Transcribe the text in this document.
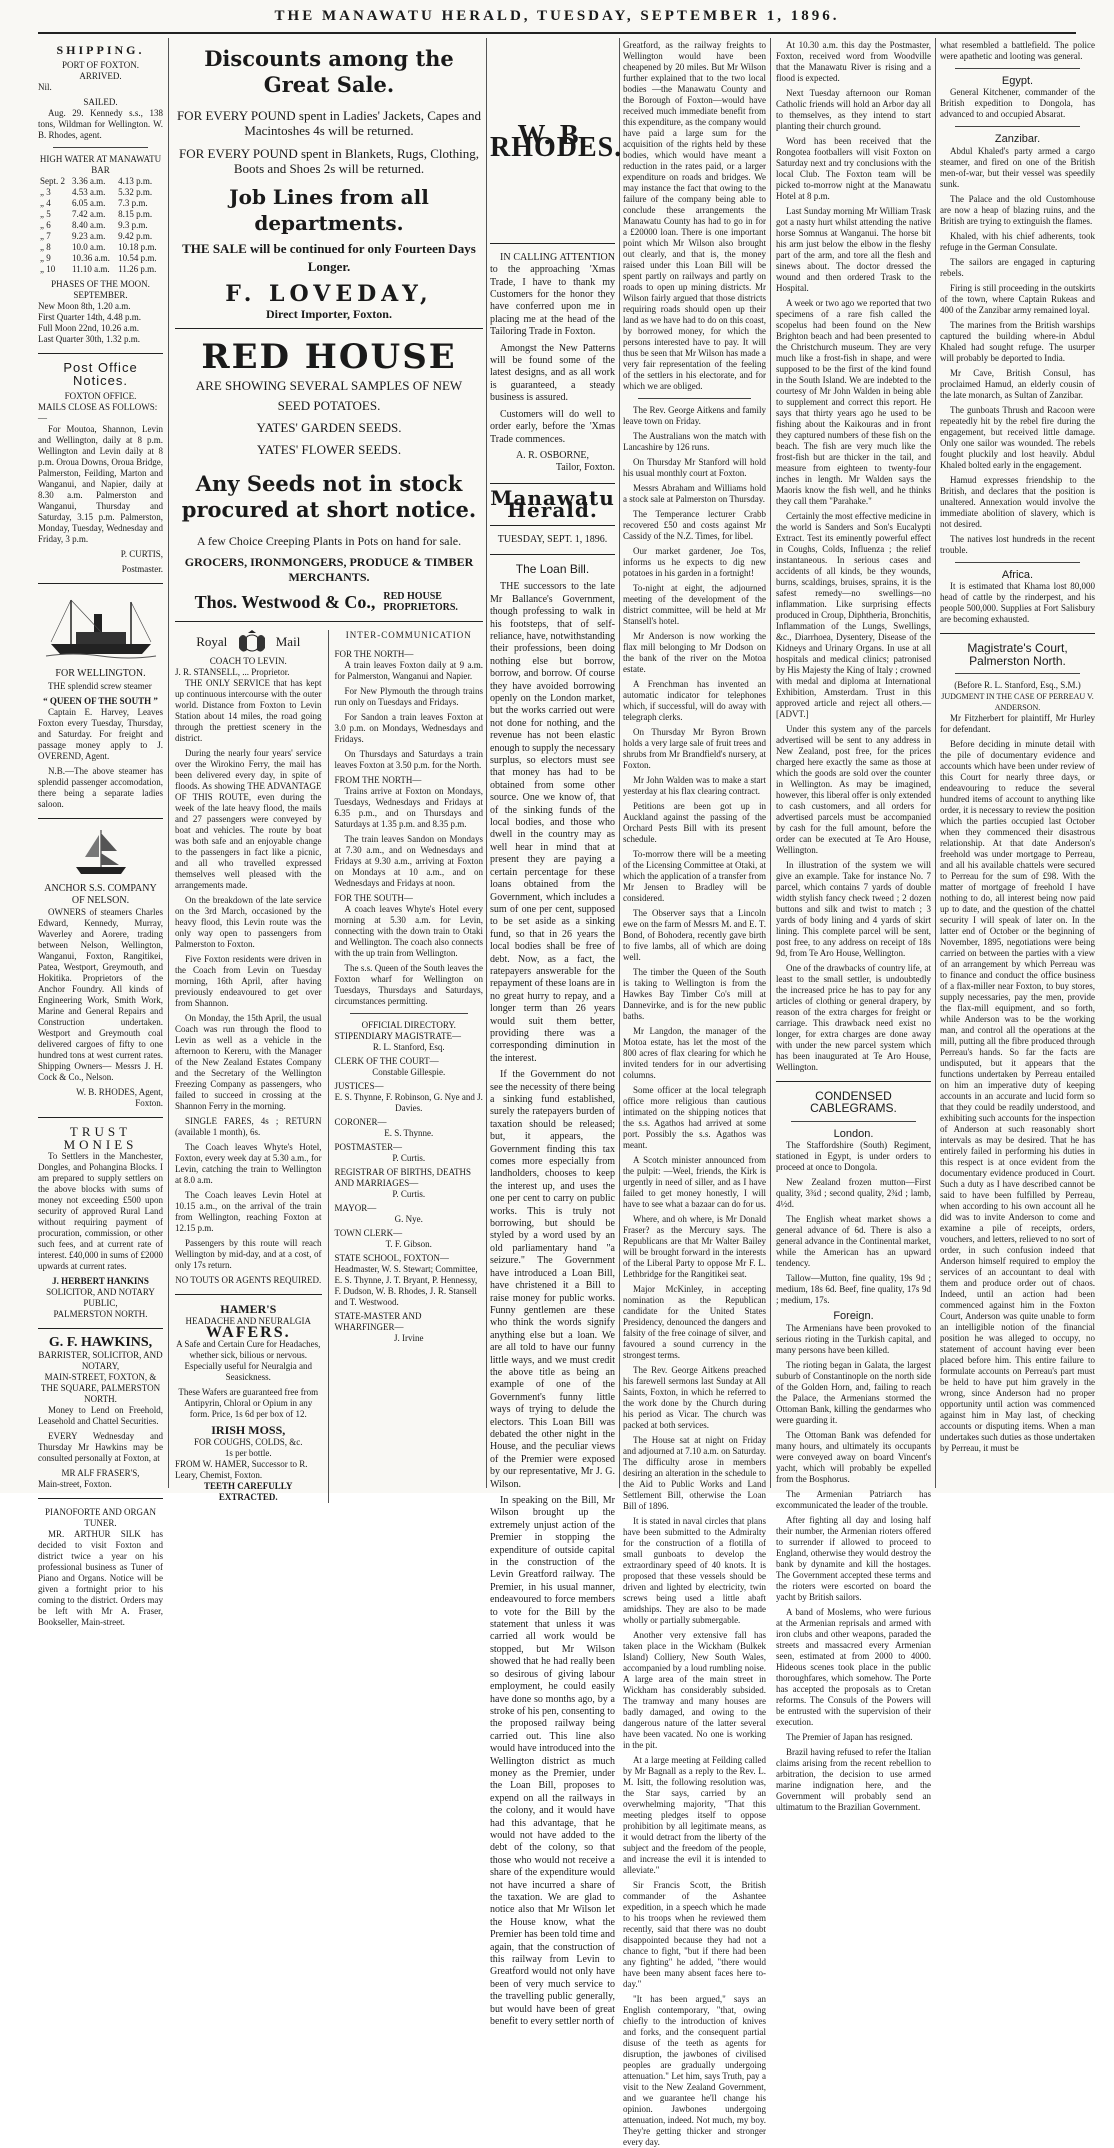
THE MANAWATU HERALD, TUESDAY, SEPTEMBER 1, 1896.
SHIPPING.
PORT OF FOXTON.
ARRIVED.

Nil.

SAILED.

Aug. 29. Kennedy s.s., 138 tons, Wildman for Wellington. W. B. Rhodes, agent.

HIGH WATER AT MANAWATU BAR
Sept. 2	3.36 a.m.	4.13 p.m.
„ 3	4.53 a.m.	5.32 p.m.
„ 4	6.05 a.m.	7.3 p.m.
„ 5	7.42 a.m.	8.15 p.m.
„ 6	8.40 a.m.	9.3 p.m.
„ 7	9.23 a.m.	9.42 p.m.
„ 8	10.0 a.m.	10.18 p.m.
„ 9	10.36 a.m.	10.54 p.m.
„ 10	11.10 a.m.	11.26 p.m.
PHASES OF THE MOON.
SEPTEMBER.
New Moon 8th, 1.20 a.m.
First Quarter 14th, 4.48 p.m.
Full Moon 22nd, 10.26 a.m.
Last Quarter 30th, 1.32 p.m.
Post Office Notices.
FOXTON OFFICE.
MAILS CLOSE AS FOLLOWS:—

For Moutoa, Shannon, Levin and Wellington, daily at 8 p.m. Wellington and Levin daily at 8 p.m. Oroua Downs, Oroua Bridge, Palmerston, Feilding, Marton and Wanganui, and Napier, daily at 8.30 a.m. Palmerston and Wanganui, Thursday and Saturday, 3.15 p.m. Palmerston, Monday, Tuesday, Wednesday and Friday, 3 p.m.

P. CURTIS,

Postmaster.

FOR WELLINGTON.

THE splendid screw steamer

“ QUEEN OF THE SOUTH ”

Captain E. Harvey, Leaves Foxton every Tuesday, Thursday, and Saturday. For freight and passage money apply to J. OVEREND, Agent.

N.B.—The above steamer has splendid passenger accomodation, there being a separate ladies saloon.

ANCHOR S.S. COMPANY OF NELSON.

OWNERS of steamers Charles Edward, Kennedy, Murray, Waverley and Aorere, trading between Nelson, Wellington, Wanganui, Foxton, Rangitikei, Patea, Westport, Greymouth, and Hokitika. Proprietors of the Anchor Foundry. All kinds of Engineering Work, Smith Work, Marine and General Repairs and Construction undertaken. Westport and Greymouth coal delivered cargoes of fifty to one hundred tons at west current rates. Shipping Owners— Messrs J. H. Cock & Co., Nelson.

W. B. RHODES, Agent, Foxton.

TRUST MONIES

To Settlers in the Manchester, Dongles, and Pohangina Blocks. I am prepared to supply settlers on the above blocks with sums of money not exceeding £500 upon security of approved Rural Land without requiring payment of procuration, commission, or other such fees, and at current rate of interest. £40,000 in sums of £2000 upwards at current rates.

J. HERBERT HANKINS
SOLICITOR, AND NOTARY PUBLIC,
PALMERSTON NORTH.
G. F. HAWKINS,
BARRISTER, SOLICITOR, AND NOTARY,
MAIN-STREET, FOXTON, & THE SQUARE, PALMERSTON NORTH.

Money to Lend on Freehold, Leasehold and Chattel Securities.

EVERY Wednesday and Thursday Mr Hawkins may be consulted personally at Foxton, at

MR ALF FRASER'S,
Main-street, Foxton.
PIANOFORTE AND ORGAN TUNER.

MR. ARTHUR SILK has decided to visit Foxton and district twice a year on his professional business as Tuner of Piano and Organs. Notice will be given a fortnight prior to his coming to the district. Orders may be left with Mr A. Fraser, Bookseller, Main-street.

Discounts among the Great Sale.
FOR EVERY POUND spent in Ladies' Jackets, Capes and Macintoshes 4s will be returned.
FOR EVERY POUND spent in Blankets, Rugs, Clothing, Boots and Shoes 2s will be returned.
Job Lines from all departments.
THE SALE will be continued for only Fourteen Days Longer.
F. LOVEDAY,
Direct Importer, Foxton.
RED HOUSE
ARE SHOWING SEVERAL SAMPLES OF NEW
SEED POTATOES.
YATES' GARDEN SEEDS.
YATES' FLOWER SEEDS.
Any Seeds not in stock procured at short notice.
A few Choice Creeping Plants in Pots on hand for sale.
GROCERS, IRONMONGERS, PRODUCE & TIMBER MERCHANTS.
Thos. Westwood & Co., RED HOUSE PROPRIETORS.
Royal	Mail
COACH TO LEVIN.
J. R. STANSELL, ... Proprietor.

THE ONLY SERVICE that has kept up continuous intercourse with the outer world. Distance from Foxton to Levin Station about 14 miles, the road going through the prettiest scenery in the district.

During the nearly four years' service over the Wirokino Ferry, the mail has been delivered every day, in spite of floods. As showing THE ADVANTAGE OF THIS ROUTE, even during the week of the late heavy flood, the mails and 27 passengers were conveyed by boat and vehicles. The route by boat was both safe and an enjoyable change to the passengers in fact like a picnic, and all who travelled expressed themselves well pleased with the arrangements made.

On the breakdown of the late service on the 3rd March, occasioned by the heavy flood, this Levin route was the only way open to passengers from Palmerston to Foxton.

Five Foxton residents were driven in the Coach from Levin on Tuesday morning, 16th April, after having previously endeavoured to get over from Shannon.

On Monday, the 15th April, the usual Coach was run through the flood to Levin as well as a vehicle in the afternoon to Kereru, with the Manager of the New Zealand Estates Company and the Secretary of the Wellington Freezing Company as passengers, who failed to succeed in crossing at the Shannon Ferry in the morning.

SINGLE FARES, 4s ; RETURN (available 1 month), 6s.

The Coach leaves Whyte's Hotel, Foxton, every week day at 5.30 a.m., for Levin, catching the train to Wellington at 8.0 a.m.

The Coach leaves Levin Hotel at 10.15 a.m., on the arrival of the train from Wellington, reaching Foxton at 12.15 p.m.

Passengers by this route will reach Wellington by mid-day, and at a cost, of only 17s return.

NO TOUTS OR AGENTS REQUIRED.
HAMER'S
HEADACHE AND NEURALGIA
WAFERS.

A Safe and Certain Cure for Headaches, whether sick, bilious or nervous. Especially useful for Neuralgia and Seasickness.

These Wafers are guaranteed free from Antipyrin, Chloral or Opium in any form. Price, 1s 6d per box of 12.

IRISH MOSS,
FOR COUGHS, COLDS, &c.
1s per bottle.
FROM W. HAMER, Successor to R. Leary, Chemist, Foxton.
TEETH CAREFULLY EXTRACTED.
INTER-COMMUNICATION
FOR THE NORTH—

A train leaves Foxton daily at 9 a.m. for Palmerston, Wanganui and Napier.

For New Plymouth the through trains run only on Tuesdays and Fridays.

For Sandon a train leaves Foxton at 3.0 p.m. on Mondays, Wednesdays and Fridays.

On Thursdays and Saturdays a train leaves Foxton at 3.50 p.m. for the North.

FROM THE NORTH—

Trains arrive at Foxton on Mondays, Tuesdays, Wednesdays and Fridays at 6.35 p.m., and on Thursdays and Saturdays at 1.35 p.m. and 8.35 p.m.

The train leaves Sandon on Mondays at 7.30 a.m., and on Wednesdays and Fridays at 9.30 a.m., arriving at Foxton on Mondays at 10 a.m., and on Wednesdays and Fridays at noon.

FOR THE SOUTH—

A coach leaves Whyte's Hotel every morning at 5.30 a.m. for Levin, connecting with the down train to Otaki and Wellington. The coach also connects with the up train from Wellington.

The s.s. Queen of the South leaves the Foxton wharf for Wellington on Tuesdays, Thursdays and Saturdays, circumstances permitting.

OFFICIAL DIRECTORY.
STIPENDIARY MAGISTRATE—
R. L. Stanford, Esq.
CLERK OF THE COURT—
Constable Gillespie.
JUSTICES—
E. S. Thynne, F. Robinson, G. Nye and J. Davies.
CORONER—
E. S. Thynne.
POSTMASTER—
P. Curtis.
REGISTRAR OF BIRTHS, DEATHS AND MARRIAGES—
P. Curtis.
MAYOR—
G. Nye.
TOWN CLERK—
T. F. Gibson.
STATE SCHOOL, FOXTON—
Headmaster, W. S. Stewart; Committee, E. S. Thynne, J. T. Bryant, P. Hennessy, F. Dudson, W. B. Rhodes, J. R. Stansell and T. Westwood.
STATE-MASTER AND WHARFINGER—
J. Irvine
W. B. RHODES.

IN CALLING ATTENTION to the approaching 'Xmas Trade, I have to thank my Customers for the honor they have conferred upon me in placing me at the head of the Tailoring Trade in Foxton.

Amongst the New Patterns will be found some of the latest designs, and as all work is guaranteed, a steady business is assured.

Customers will do well to order early, before the 'Xmas Trade commences.

A. R. OSBORNE,
Tailor, Foxton.
Manawatu Herald.
TUESDAY, SEPT. 1, 1896.
The Loan Bill.

THE successors to the late Mr Ballance's Government, though professing to walk in his footsteps, that of self-reliance, have, notwithstanding their professions, been doing nothing else but borrow, borrow, and borrow. Of course they have avoided borrowing openly on the London market, but the works carried out were not done for nothing, and the revenue has not been elastic enough to supply the necessary surplus, so electors must see that money has had to be obtained from some other source. One we know of, that of the sinking funds of the local bodies, and those who dwell in the country may as well hear in mind that at present they are paying a certain percentage for these loans obtained from the Government, which includes a sum of one per cent, supposed to be set aside as a sinking fund, so that in 26 years the local bodies shall be free of debt. Now, as a fact, the ratepayers answerable for the repayment of these loans are in no great hurry to repay, and a longer term than 26 years would suit them better, providing there was a corresponding diminution in the interest.

If the Government do not see the necessity of there being a sinking fund established, surely the ratepayers burden of taxation should be released; but, it appears, the Government finding this tax comes more especially from landholders, chooses to keep the interest up, and uses the one per cent to carry on public works. This is truly not borrowing, but should be styled by a word used by an old parliamentary hand "a seizure." The Government have introduced a Loan Bill, have christened it a Bill to raise money for public works. Funny gentlemen are these who think the words signify anything else but a loan. We are all told to have our funny little ways, and we must credit the above title as being an example of one of the Government's funny little ways of trying to delude the electors. This Loan Bill was debated the other night in the House, and the peculiar views of the Premier were exposed by our representative, Mr J. G. Wilson.

In speaking on the Bill, Mr Wilson brought up the extremely unjust action of the Premier in stopping the expenditure of outside capital in the construction of the Levin Greatford railway. The Premier, in his usual manner, endeavoured to force members to vote for the Bill by the statement that unless it was carried all work would be stopped, but Mr Wilson showed that he had really been so desirous of giving labour employment, he could easily have done so months ago, by a stroke of his pen, consenting to the proposed railway being carried out. This line also would have introduced into the Wellington district as much money as the Premier, under the Loan Bill, proposes to expend on all the railways in the colony, and it would have had this advantage, that he would not have added to the debt of the colony, so that those who would not receive a share of the expenditure would not have incurred a share of the taxation. We are glad to notice also that Mr Wilson let the House know, what the Premier has been told time and again, that the construction of this railway from Levin to Greatford would not only have been of very much service to the travelling public generally, but would have been of great benefit to every settler north of

Greatford, as the railway freights to Wellington would have been cheapened by 20 miles. But Mr Wilson further explained that to the two local bodies —the Manawatu County and the Borough of Foxton—would have received much immediate benefit from this expenditure, as the company would have paid a large sum for the acquisition of the rights held by these bodies, which would have meant a reduction in the rates paid, or a larger expenditure on roads and bridges. We may instance the fact that owing to the failure of the company being able to conclude these arrangements the Manawatu County has had to go in for a £20000 loan. There is one important point which Mr Wilson also brought out clearly, and that is, the money raised under this Loan Bill will be spent partly on railways and partly on roads to open up mining districts. Mr Wilson fairly argued that those districts requiring roads should open up their land as we have had to do on this coast, by borrowed money, for which the persons interested have to pay. It will thus be seen that Mr Wilson has made a very fair representation of the feeling of the settlers in his electorate, and for which we are obliged.

The Rev. George Aitkens and family leave town on Friday.

The Australians won the match with Lancashire by 126 runs.

On Thursday Mr Stanford will hold his usual monthly court at Foxton.

Messrs Abraham and Williams hold a stock sale at Palmerston on Thursday.

The Temperance lecturer Crabb recovered £50 and costs against Mr Cassidy of the N.Z. Times, for libel.

Our market gardener, Joe Tos, informs us he expects to dig new potatoes in his garden in a fortnight!

To-night at eight, the adjourned meeting of the development of the district committee, will be held at Mr Stansell's hotel.

Mr Anderson is now working the flax mill belonging to Mr Dodson on the bank of the river on the Motoa estate.

A Frenchman has invented an automatic indicator for telephones which, if successful, will do away with telegraph clerks.

On Thursday Mr Byron Brown holds a very large sale of fruit trees and shrubs from Mr Brandfield's nursery, at Foxton.

Mr John Walden was to make a start yesterday at his flax clearing contract.

Petitions are been got up in Auckland against the passing of the Orchard Pests Bill with its present schedule.

To-morrow there will be a meeting of the Licensing Committee at Otaki, at which the application of a transfer from Mr Jensen to Bradley will be considered.

The Observer says that a Lincoln ewe on the farm of Messrs M. and E. T. Bond, of Bohodera, recently gave birth to five lambs, all of which are doing well.

The timber the Queen of the South is taking to Wellington is from the Hawkes Bay Timber Co's mill at Dannevirke, and is for the new public baths.

Mr Langdon, the manager of the Motoa estate, has let the most of the 800 acres of flax clearing for which he invited tenders for in our advertising columns.

Some officer at the local telegraph office more religious than cautious intimated on the shipping notices that the s.s. Agathos had arrived at some port. Possibly the s.s. Agathos was meant.

A Scotch minister announced from the pulpit: —Weel, friends, the Kirk is urgently in need of siller, and as I have failed to get money honestly, I will have to see what a bazaar can do for us.

Where, and oh where, is Mr Donald Fraser? as the Mercury says. The Republicans are that Mr Walter Bailey will be brought forward in the interests of the Liberal Party to oppose Mr F. L. Lethbridge for the Rangitikei seat.

Major McKinley, in accepting nomination as the Republican candidate for the United States Presidency, denounced the dangers and falsity of the free coinage of silver, and favoured a sound currency in the strongest terms.

The Rev. George Aitkens preached his farewell sermons last Sunday at All Saints, Foxton, in which he referred to the work done by the Church during his period as Vicar. The church was packed at both services.

The House sat at night on Friday and adjourned at 7.10 a.m. on Saturday. The difficulty arose in members desiring an alteration in the schedule to the Aid to Public Works and Land Settlement Bill, otherwise the Loan Bill of 1896.

It is stated in naval circles that plans have been submitted to the Admiralty for the construction of a flotilla of small gunboats to develop the extraordinary speed of 40 knots. It is proposed that these vessels should be driven and lighted by electricity, twin screws being used a little abaft amidships. They are also to be made wholly or partially submergable.

Another very extensive fall has taken place in the Wickham (Bulkek Island) Colliery, New South Wales, accompanied by a loud rumbling noise. A large area of the main street in Wickham has considerably subsided. The tramway and many houses are badly damaged, and owing to the dangerous nature of the latter several have been vacated. No one is working in the pit.

At a large meeting at Feilding called by Mr Bagnall as a reply to the Rev. L. M. Isitt, the following resolution was, the Star says, carried by an overwhelming majority, "That this meeting pledges itself to oppose prohibition by all legitimate means, as it would detract from the liberty of the subject and the freedom of the people, and increase the evil it is intended to alleviate."

Sir Francis Scott, the British commander of the Ashantee expedition, in a speech which he made to his troops when he reviewed them recently, said that there was no doubt disappointed because they had not a chance to fight, "but if there had been any fighting" he added, "there would have been many absent faces here to-day."

"It has been argued," says an English contemporary, "that, owing chiefly to the introduction of knives and forks, and the consequent partial disuse of the teeth as agents for disruption, the jawbones of civilised peoples are gradually undergoing attenuation." Let him, says Truth, pay a visit to the New Zealand Government, and we guarantee he'll change his opinion. Jawbones undergoing attenuation, indeed. Not much, my boy. They're getting thicker and stronger every day.

At 10.30 a.m. this day the Postmaster, Foxton, received word from Woodville that the Manawatu River is rising and a flood is expected.

Next Tuesday afternoon our Roman Catholic friends will hold an Arbor day all to themselves, as they intend to start planting their church ground.

Word has been received that the Rongotea footballers will visit Foxton on Saturday next and try conclusions with the local Club. The Foxton team will be picked to-morrow night at the Manawatu Hotel at 8 p.m.

Last Sunday morning Mr William Trask got a nasty hurt whilst attending the native horse Somnus at Wanganui. The horse bit his arm just below the elbow in the fleshy part of the arm, and tore all the flesh and sinews about. The doctor dressed the wound and then ordered Trask to the Hospital.

A week or two ago we reported that two specimens of a rare fish called the scopelus had been found on the New Brighton beach and had been presented to the Christchurch museum. They are very much like a frost-fish in shape, and were supposed to be the first of the kind found in the South Island. We are indebted to the courtesy of Mr John Walden in being able to supplement and correct this report. He says that thirty years ago he used to be fishing about the Kaikouras and in front they captured numbers of these fish on the beach. The fish are very much like the frost-fish but are thicker in the tail, and measure from eighteen to twenty-four inches in length. Mr Walden says the Maoris know the fish well, and he thinks they call them "Parahake."

Certainly the most effective medicine in the world is Sanders and Son's Eucalypti Extract. Test its eminently powerful effect in Coughs, Colds, Influenza ; the relief instantaneous. In serious cases and accidents of all kinds, be they wounds, burns, scaldings, bruises, sprains, it is the safest remedy—no swellings—no inflammation. Like surprising effects produced in Croup, Diphtheria, Bronchitis, Inflammation of the Lungs, Swellings, &c., Diarrhoea, Dysentery, Disease of the Kidneys and Urinary Organs. In use at all hospitals and medical clinics; patronised by His Majesty the King of Italy ; crowned with medal and diploma at International Exhibition, Amsterdam. Trust in this approved article and reject all others.—[ADVT.]

Under this system any of the parcels advertised will be sent to any address in New Zealand, post free, for the prices charged here exactly the same as those at which the goods are sold over the counter in Wellington. As may be imagined, however, this liberal offer is only extended to cash customers, and all orders for advertised parcels must be accompanied by cash for the full amount, before the order can be executed at Te Aro House, Wellington.

In illustration of the system we will give an example. Take for instance No. 7 parcel, which contains 7 yards of double width stylish fancy check tweed ; 2 dozen buttons and silk and twist to match ; 3 yards of body lining and 4 yards of skirt lining. This complete parcel will be sent, post free, to any address on receipt of 18s 9d, from Te Aro House, Wellington.

One of the drawbacks of country life, at least to the small settler, is undoubtedly the increased price he has to pay for any articles of clothing or general drapery, by reason of the extra charges for freight or carriage. This drawback need exist no longer, for extra charges are done away with under the new parcel system which has been inaugurated at Te Aro House, Wellington.

CONDENSED CABLEGRAMS.
London.

The Staffordshire (South) Regiment, stationed in Egypt, is under orders to proceed at once to Dongola.

New Zealand frozen mutton—First quality, 3¾d ; second quality, 2¾d ; lamb, 4½d.

The English wheat market shows a general advance of 6d. There is also a general advance in the Continental market, while the American has an upward tendency.

Tallow—Mutton, fine quality, 19s 9d ; medium, 18s 6d. Beef, fine quality, 17s 9d ; medium, 17s.

Foreign.

The Armenians have been provoked to serious rioting in the Turkish capital, and many persons have been killed.

The rioting began in Galata, the largest suburb of Constantinople on the north side of the Golden Horn, and, failing to reach the Palace, the Armenians stormed the Ottoman Bank, killing the gendarmes who were guarding it.

The Ottoman Bank was defended for many hours, and ultimately its occupants were conveyed away on board Vincent's yacht, which will probably be expelled from the Bosphorus.

The Armenian Patriarch has excommunicated the leader of the trouble.

After fighting all day and losing half their number, the Armenian rioters offered to surrender if allowed to proceed to England, otherwise they would destroy the bank by dynamite and kill the hostages. The Government accepted these terms and the rioters were escorted on board the yacht by British sailors.

A band of Moslems, who were furious at the Armenian reprisals and armed with iron clubs and other weapons, paraded the streets and massacred every Armenian seen, estimated at from 2000 to 4000. Hideous scenes took place in the public thoroughfares, which somehow. The Porte has accepted the proposals as to Cretan reforms. The Consuls of the Powers will be entrusted with the supervision of their execution.

The Premier of Japan has resigned.

Brazil having refused to refer the Italian claims arising from the recent rebellion to arbitration, the decision to use armed marine indignation here, and the Government will probably send an ultimatum to the Brazilian Government.

what resembled a battlefield. The police were apathetic and looting was general.

Egypt.

General Kitchener, commander of the British expedition to Dongola, has advanced to and occupied Absarat.

Zanzibar.

Abdul Khaled's party armed a cargo steamer, and fired on one of the British men-of-war, but their vessel was speedily sunk.

The Palace and the old Customhouse are now a heap of blazing ruins, and the British are trying to extinguish the flames.

Khaled, with his chief adherents, took refuge in the German Consulate.

The sailors are engaged in capturing rebels.

Firing is still proceeding in the outskirts of the town, where Captain Rukeas and 400 of the Zanzibar army remained loyal.

The marines from the British warships captured the building where-in Abdul Khaled had sought refuge. The usurper will probably be deported to India.

Mr Cave, British Consul, has proclaimed Hamud, an elderly cousin of the late monarch, as Sultan of Zanzibar.

The gunboats Thrush and Racoon were repeatedly hit by the rebel fire during the engagement, but received little damage. Only one sailor was wounded. The rebels fought pluckily and lost heavily. Abdul Khaled bolted early in the engagement.

Hamud expresses friendship to the British, and declares that the position is unaltered. Annexation would involve the immediate abolition of slavery, which is not desired.

The natives lost hundreds in the recent trouble.

Africa.

It is estimated that Khama lost 80,000 head of cattle by the rinderpest, and his people 500,000. Supplies at Fort Salisbury are becoming exhausted.

Magistrate's Court, Palmerston North.
(Before R. L. Stanford, Esq., S.M.)
JUDGMENT IN THE CASE OF PERREAU V. ANDERSON.

Mr Fitzherbert for plaintiff, Mr Hurley for defendant.

Before deciding in minute detail with the pile of documentary evidence and accounts which have been under review of this Court for nearly three days, or endeavouring to reduce the several hundred items of account to anything like order, it is necessary to review the position which the parties occupied last October when they commenced their disastrous relationship. At that date Anderson's freehold was under mortgage to Perreau, and all his available chattels were secured to Perreau for the sum of £98. With the matter of mortgage of freehold I have nothing to do, all interest being now paid up to date, and the question of the chattel security I will speak of later on. In the latter end of October or the beginning of November, 1895, negotiations were being carried on between the parties with a view of an arrangement by which Perreau was to finance and conduct the office business of a flax-miller near Foxton, to buy stores, supply necessaries, pay the men, provide the flax-mill equipment, and so forth, while Anderson was to be the working man, and control all the operations at the mill, putting all the fibre produced through Perreau's hands. So far the facts are undisputed, but it appears that the functions undertaken by Perreau entailed on him an imperative duty of keeping accounts in an accurate and lucid form so that they could be readily understood, and exhibiting such accounts for the inspection of Anderson at such reasonably short intervals as may be desired. That he has entirely failed in performing his duties in this respect is at once evident from the documentary evidence produced in Court. Such a duty as I have described cannot be said to have been fulfilled by Perreau, when according to his own account all he did was to invite Anderson to come and examine a pile of receipts, orders, vouchers, and letters, relieved to no sort of order, in such confusion indeed that Anderson himself required to employ the services of an accountant to deal with them and produce order out of chaos. Indeed, until an action had been commenced against him in the Foxton Court, Anderson was quite unable to form an intelligible notion of the financial position he was alleged to occupy, no statement of account having ever been placed before him. This entire failure to formulate accounts on Perreau's part must be held to have put him gravely in the wrong, since Anderson had no proper opportunity until action was commenced against him in May last, of checking accounts or disputing items. When a man undertakes such duties as those undertaken by Perreau, it must be
